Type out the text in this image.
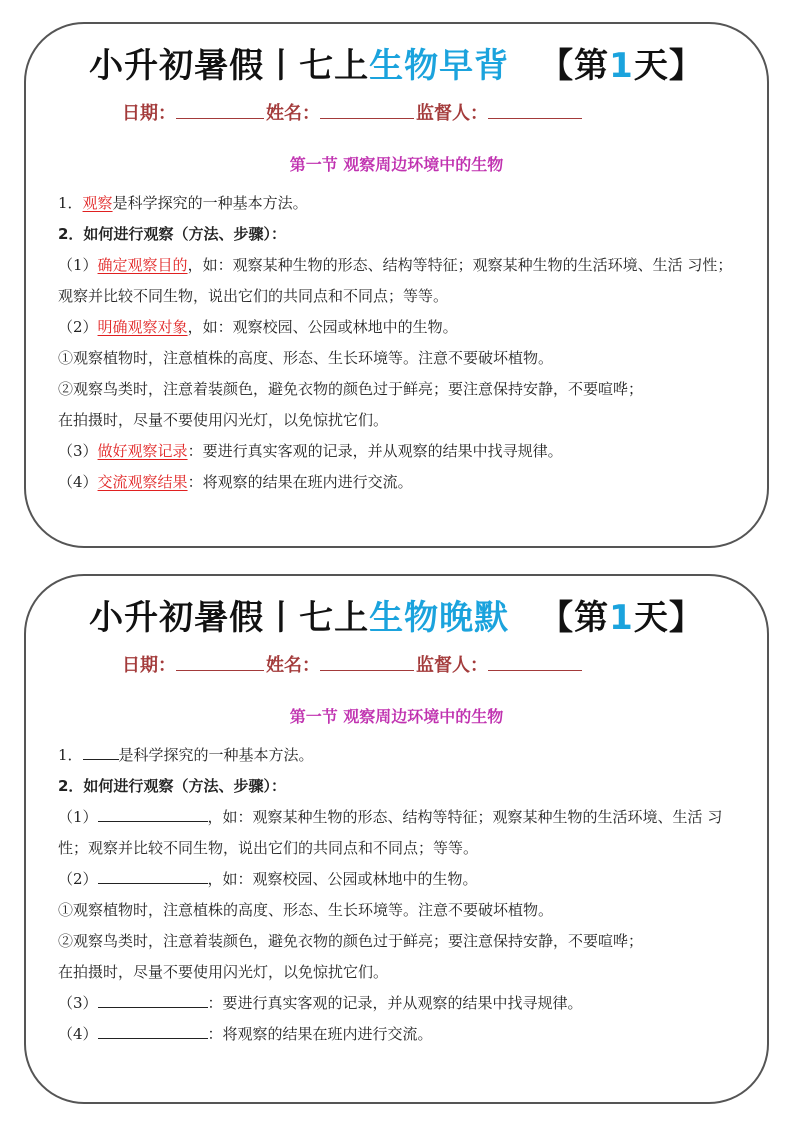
小升初暑假丨七上生物早背 【第1天】
日期：	姓名：	监督人：
第一节 观察周边环境中的生物
1．观察是科学探究的一种基本方法。
2．如何进行观察（方法、步骤）：
（1）确定观察目的，如：观察某种生物的形态、结构等特征；观察某种生物的生活环境、生活 习性；观察并比较不同生物，说出它们的共同点和不同点；等等。
（2）明确观察对象，如：观察校园、公园或林地中的生物。
①观察植物时，注意植株的高度、形态、生长环境等。注意不要破坏植物。
②观察鸟类时，注意着装颜色，避免衣物的颜色过于鲜亮；要注意保持安静，不要喧哗；
在拍摄时，尽量不要使用闪光灯，以免惊扰它们。
（3）做好观察记录：要进行真实客观的记录，并从观察的结果中找寻规律。
（4）交流观察结果：将观察的结果在班内进行交流。
小升初暑假丨七上生物晚默 【第1天】
日期：	姓名：	监督人：
第一节 观察周边环境中的生物
1． 是科学探究的一种基本方法。
2．如何进行观察（方法、步骤）：
（1）	，如：观察某种生物的形态、结构等特征；观察某种生物的生活环境、生活 习性；观察并比较不同生物，说出它们的共同点和不同点；等等。
（2）	，如：观察校园、公园或林地中的生物。
①观察植物时，注意植株的高度、形态、生长环境等。注意不要破坏植物。
②观察鸟类时，注意着装颜色，避免衣物的颜色过于鲜亮；要注意保持安静，不要喧哗；
在拍摄时，尽量不要使用闪光灯，以免惊扰它们。
（3）	：要进行真实客观的记录，并从观察的结果中找寻规律。
（4）	：将观察的结果在班内进行交流。
